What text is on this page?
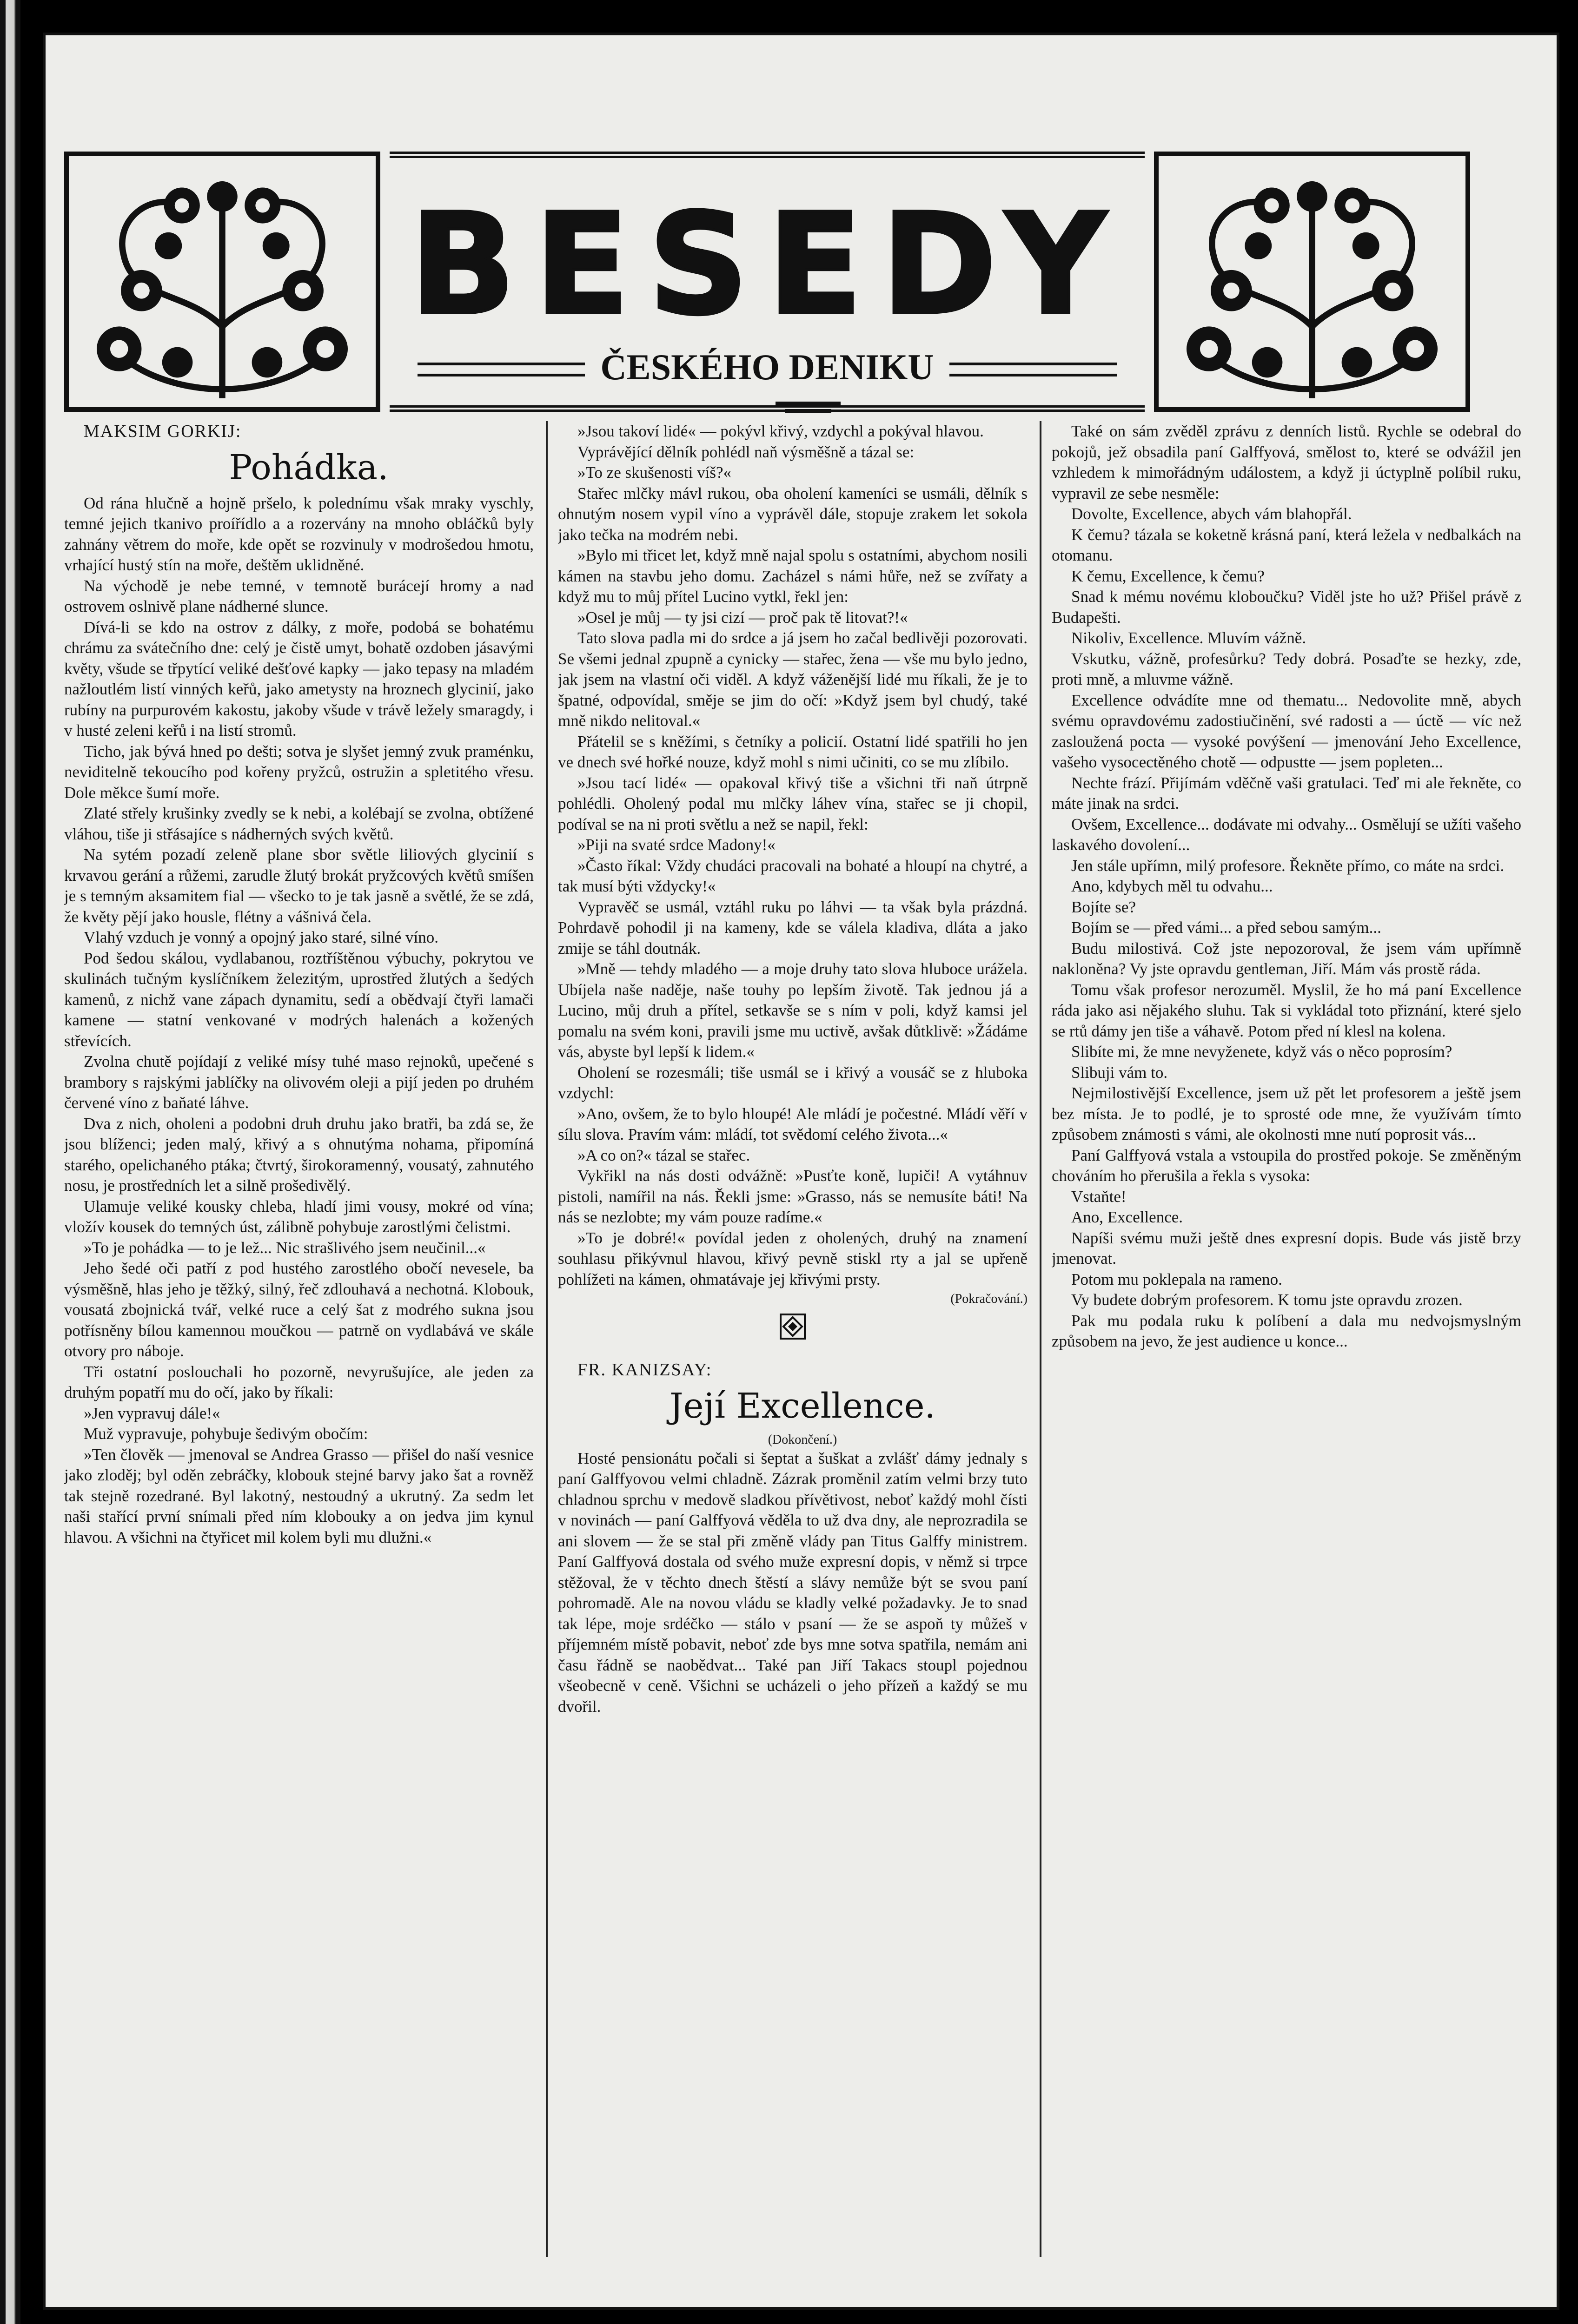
BESEDY
ČESKÉHO DENIKU

MAKSIM GORKIJ:

Pohádka.

Od rána hlučně a hojně pršelo, k polednímu však mraky vyschly, temné jejich tkanivo proířídlo a a rozervány na mnoho obláčků byly zahnány větrem do moře, kde opět se rozvinuly v modrošedou hmotu, vrhající hustý stín na moře, deštěm uklidněné.

Na východě je nebe temné, v temnotě burácejí hromy a nad ostrovem oslnivě plane nádherné slunce.

Dívá-li se kdo na ostrov z dálky, z moře, podobá se bohatému chrámu za svátečního dne: celý je čistě umyt, bohatě ozdoben jásavými květy, všude se třpytící veliké dešťové kapky — jako tepasy na mladém nažloutlém listí vinných keřů, jako ametysty na hroznech glycinií, jako rubíny na purpurovém kakostu, jakoby všude v trávě ležely smaragdy, i v husté zeleni keřů i na listí stromů.

Ticho, jak bývá hned po dešti; sotva je slyšet jemný zvuk praménku, neviditelně tekoucího pod kořeny pryžců, ostružin a spletitého vřesu. Dole měkce šumí moře.

Zlaté střely krušinky zvedly se k nebi, a kolébají se zvolna, obtížené vláhou, tiše ji střásajíce s nádherných svých květů.

Na sytém pozadí zeleně plane sbor světle liliových glycinií s krvavou gerání a růžemi, zarudle žlutý brokát pryžcových květů smíšen je s temným aksamitem fial — všecko to je tak jasně a světlé, že se zdá, že květy pějí jako housle, flétny a vášnivá čela.

Vlahý vzduch je vonný a opojný jako staré, silné víno.

Pod šedou skálou, vydlabanou, roztříštěnou výbuchy, pokrytou ve skulinách tučným kyslíčníkem železitým, uprostřed žlutých a šedých kamenů, z nichž vane zápach dynamitu, sedí a obědvají čtyři lamači kamene — statní venkované v modrých halenách a kožených střevících.

Zvolna chutě pojídají z veliké mísy tuhé maso rejnoků, upečené s brambory s rajskými jablíčky na olivovém oleji a pijí jeden po druhém červené víno z baňaté láhve.

Dva z nich, oholeni a podobni druh druhu jako bratři, ba zdá se, že jsou blíženci; jeden malý, křivý a s ohnutýma nohama, připomíná starého, opelichaného ptáka; čtvrtý, širokoramenný, vousatý, zahnutého nosu, je prostředních let a silně prošedivělý.

Ulamuje veliké kousky chleba, hladí jimi vousy, mokré od vína; vložív kousek do temných úst, zálibně pohybuje zarostlými čelistmi.

»To je pohádka — to je lež... Nic strašlivého jsem neučinil...«

Jeho šedé oči patří z pod hustého zarostlého obočí nevesele, ba výsměšně, hlas jeho je těžký, silný, řeč zdlouhavá a nechotná. Klobouk, vousatá zbojnická tvář, velké ruce a celý šat z modrého sukna jsou potřísněny bílou kamennou moučkou — patrně on vydlabává ve skále otvory pro náboje.

Tři ostatní poslouchali ho pozorně, nevyrušujíce, ale jeden za druhým popatří mu do očí, jako by říkali:

»Jen vypravuj dále!«

Muž vypravuje, pohybuje šedivým obočím:

»Ten člověk — jmenoval se Andrea Grasso — přišel do naší vesnice jako zloděj; byl oděn zebráčky, klobouk stejné barvy jako šat a rovněž tak stejně rozedrané. Byl lakotný, nestoudný a ukrutný. Za sedm let naši stařící první snímali před ním klobouky a on jedva jim kynul hlavou. A všichni na čtyřicet mil kolem byli mu dlužni.«

»Jsou takoví lidé« — pokývl křivý, vzdychl a pokýval hlavou.

Vyprávějící dělník pohlédl naň výsměšně a tázal se:

»To ze skušenosti víš?«

Stařec mlčky mávl rukou, oba oholení kameníci se usmáli, dělník s ohnutým nosem vypil víno a vyprávěl dále, stopuje zrakem let sokola jako tečka na modrém nebi.

»Bylo mi třicet let, když mně najal spolu s ostatními, abychom nosili kámen na stavbu jeho domu. Zacházel s námi hůře, než se zvířaty a když mu to můj přítel Lucino vytkl, řekl jen:

»Osel je můj — ty jsi cizí — proč pak tě litovat?!«

Tato slova padla mi do srdce a já jsem ho začal bedlivěji pozorovati. Se všemi jednal zpupně a cynicky — stařec, žena — vše mu bylo jedno, jak jsem na vlastní oči viděl. A když váženější lidé mu říkali, že je to špatné, odpovídal, směje se jim do očí: »Když jsem byl chudý, také mně nikdo nelitoval.«

Přátelil se s kněžími, s četníky a policií. Ostatní lidé spatřili ho jen ve dnech své hořké nouze, když mohl s nimi učiniti, co se mu zlíbilo.

»Jsou tací lidé« — opakoval křivý tiše a všichni tři naň útrpně pohlédli. Oholený podal mu mlčky láhev vína, stařec se ji chopil, podíval se na ni proti světlu a než se napil, řekl:

»Piji na svaté srdce Madony!«

»Často říkal: Vždy chudáci pracovali na bohaté a hloupí na chytré, a tak musí býti vždycky!«

Vypravěč se usmál, vztáhl ruku po láhvi — ta však byla prázdná. Pohrdavě pohodil ji na kameny, kde se válela kladiva, dláta a jako zmije se táhl doutnák.

»Mně — tehdy mladého — a moje druhy tato slova hluboce urážela. Ubíjela naše naděje, naše touhy po lepším životě. Tak jednou já a Lucino, můj druh a přítel, setkavše se s ním v poli, když kamsi jel pomalu na svém koni, pravili jsme mu uctivě, avšak důtklivě: »Žádáme vás, abyste byl lepší k lidem.«

Oholení se rozesmáli; tiše usmál se i křivý a vousáč se z hluboka vzdychl:

»Ano, ovšem, že to bylo hloupé! Ale mládí je počestné. Mládí věří v sílu slova. Pravím vám: mládí, tot svědomí celého života...«

»A co on?« tázal se stařec.

Vykřikl na nás dosti odvážně: »Pusťte koně, lupiči! A vytáhnuv pistoli, namířil na nás. Řekli jsme: »Grasso, nás se nemusíte báti! Na nás se nezlobte; my vám pouze radíme.«

»To je dobré!« povídal jeden z oholených, druhý na znamení souhlasu přikývnul hlavou, křivý pevně stiskl rty a jal se upřeně pohlížeti na kámen, ohmatávaje jej křivými prsty.

(Pokračování.)

FR. KANIZSAY:

Její Excellence.

(Dokončení.)

Hosté pensionátu počali si šeptat a šuškat a zvlášť dámy jednaly s paní Galffyovou velmi chladně. Zázrak proměnil zatím velmi brzy tuto chladnou sprchu v medově sladkou přívětivost, neboť každý mohl čísti v novinách — paní Galffyová věděla to už dva dny, ale neprozradila se ani slovem — že se stal při změně vlády pan Titus Galffy ministrem. Paní Galffyová dostala od svého muže expresní dopis, v němž si trpce stěžoval, že v těchto dnech štěstí a slávy nemůže být se svou paní pohromadě. Ale na novou vládu se kladly velké požadavky. Je to snad tak lépe, moje srdéčko — stálo v psaní — že se aspoň ty můžeš v příjemném místě pobavit, neboť zde bys mne sotva spatřila, nemám ani času řádně se naobědvat... Také pan Jiří Takacs stoupl pojednou všeobecně v ceně. Všichni se ucházeli o jeho přízeň a každý se mu dvořil.

Také on sám zvěděl zprávu z denních listů. Rychle se odebral do pokojů, jež obsadila paní Galffyová, smělost to, které se odvážil jen vzhledem k mimořádným událostem, a když ji úctyplně políbil ruku, vypravil ze sebe nesměle:

Dovolte, Excellence, abych vám blahopřál.

K čemu? tázala se koketně krásná paní, která ležela v nedbalkách na otomanu.

K čemu, Excellence, k čemu?

Snad k mému novému kloboučku? Viděl jste ho už? Přišel právě z Budapešti.

Nikoliv, Excellence. Mluvím vážně.

Vskutku, vážně, profesůrku? Tedy dobrá. Posaďte se hezky, zde, proti mně, a mluvme vážně.

Excellence odvádíte mne od thematu... Nedovolite mně, abych svému opravdovému zadostiučinění, své radosti a — úctě — víc než zasloužená pocta — vysoké povýšení — jmenování Jeho Excellence, vašeho vysocectěného chotě — odpustte — jsem popleten...

Nechte frází. Přijímám vděčně vaši gratulaci. Teď mi ale řekněte, co máte jinak na srdci.

Ovšem, Excellence... dodávate mi odvahy... Osmělují se užíti vašeho laskavého dovolení...

Jen stále upřímn, milý profesore. Řekněte přímo, co máte na srdci.

Ano, kdybych měl tu odvahu...

Bojíte se?

Bojím se — před vámi... a před sebou samým...

Budu milostivá. Což jste nepozoroval, že jsem vám upřímně nakloněna? Vy jste opravdu gentleman, Jiří. Mám vás prostě ráda.

Tomu však profesor nerozuměl. Myslil, že ho má paní Excellence ráda jako asi nějakého sluhu. Tak si vykládal toto přiznání, které sjelo se rtů dámy jen tiše a váhavě. Potom před ní klesl na kolena.

Slibíte mi, že mne nevyženete, když vás o něco poprosím?

Slibuji vám to.

Nejmilostivější Excellence, jsem už pět let profesorem a ještě jsem bez místa. Je to podlé, je to sprosté ode mne, že využívám tímto způsobem známosti s vámi, ale okolnosti mne nutí poprosit vás...

Paní Galffyová vstala a vstoupila do prostřed pokoje. Se změněným chováním ho přerušila a řekla s vysoka:

Vstaňte!

Ano, Excellence.

Napíši svému muži ještě dnes expresní dopis. Bude vás jistě brzy jmenovat.

Potom mu poklepala na rameno.

Vy budete dobrým profesorem. K tomu jste opravdu zrozen.

Pak mu podala ruku k políbení a dala mu nedvojsmyslným způsobem na jevo, že jest audience u konce...
